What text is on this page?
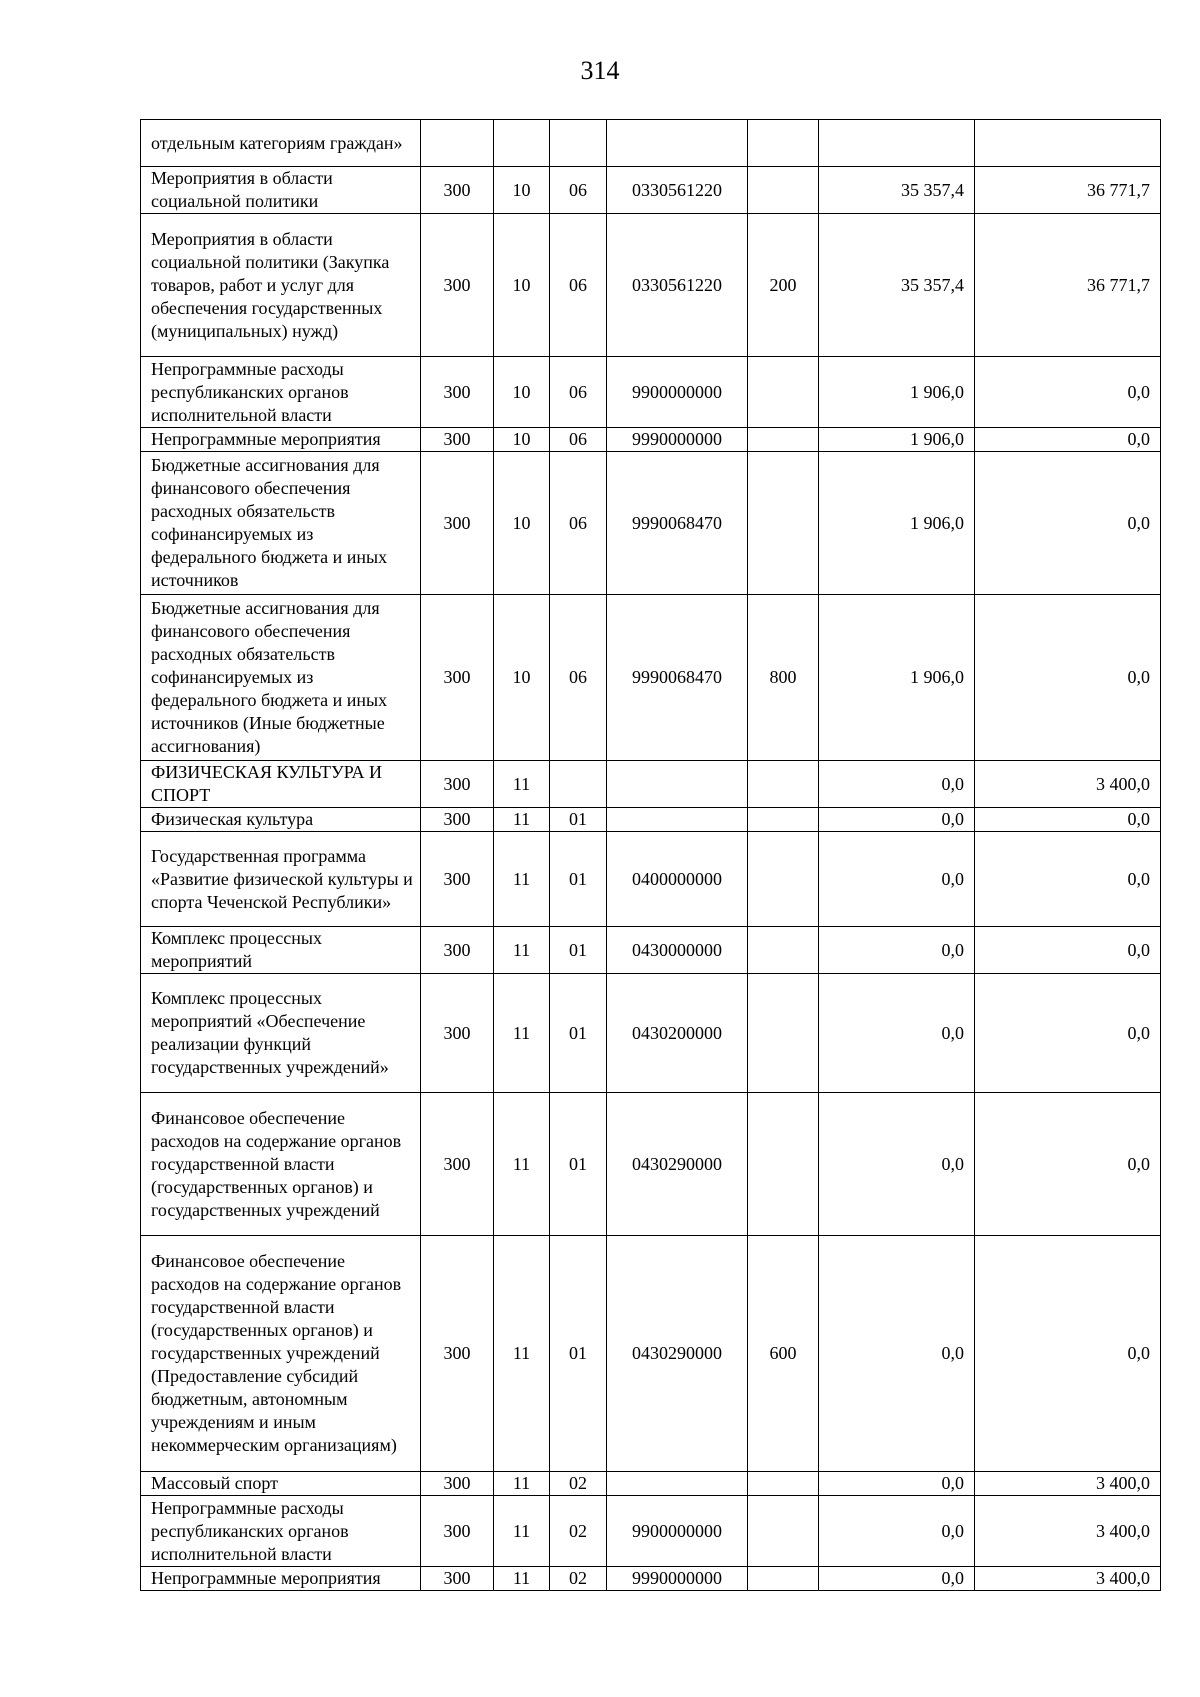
314
отдельным категориям граждан»							
Мероприятия в области социальной политики	300	10	06	0330561220		35 357,4	36 771,7
Мероприятия в области социальной политики (Закупка товаров, работ и услуг для обеспечения государственных (муниципальных) нужд)	300	10	06	0330561220	200	35 357,4	36 771,7
Непрограммные расходы республиканских органов исполнительной власти	300	10	06	9900000000		1 906,0	0,0
Непрограммные мероприятия	300	10	06	9990000000		1 906,0	0,0
Бюджетные ассигнования для финансового обеспечения расходных обязательств софинансируемых из федерального бюджета и иных источников	300	10	06	9990068470		1 906,0	0,0
Бюджетные ассигнования для финансового обеспечения расходных обязательств софинансируемых из федерального бюджета и иных источников (Иные бюджетные ассигнования)	300	10	06	9990068470	800	1 906,0	0,0
ФИЗИЧЕСКАЯ КУЛЬТУРА И СПОРТ	300	11				0,0	3 400,0
Физическая культура	300	11	01			0,0	0,0
Государственная программа «Развитие физической культуры и спорта Чеченской Республики»	300	11	01	0400000000		0,0	0,0
Комплекс процессных мероприятий	300	11	01	0430000000		0,0	0,0
Комплекс процессных мероприятий «Обеспечение реализации функций государственных учреждений»	300	11	01	0430200000		0,0	0,0
Финансовое обеспечение расходов на содержание органов государственной власти (государственных органов) и государственных учреждений	300	11	01	0430290000		0,0	0,0
Финансовое обеспечение расходов на содержание органов государственной власти (государственных органов) и государственных учреждений (Предоставление субсидий бюджетным, автономным учреждениям и иным некоммерческим организациям)	300	11	01	0430290000	600	0,0	0,0
Массовый спорт	300	11	02			0,0	3 400,0
Непрограммные расходы республиканских органов исполнительной власти	300	11	02	9900000000		0,0	3 400,0
Непрограммные мероприятия	300	11	02	9990000000		0,0	3 400,0
